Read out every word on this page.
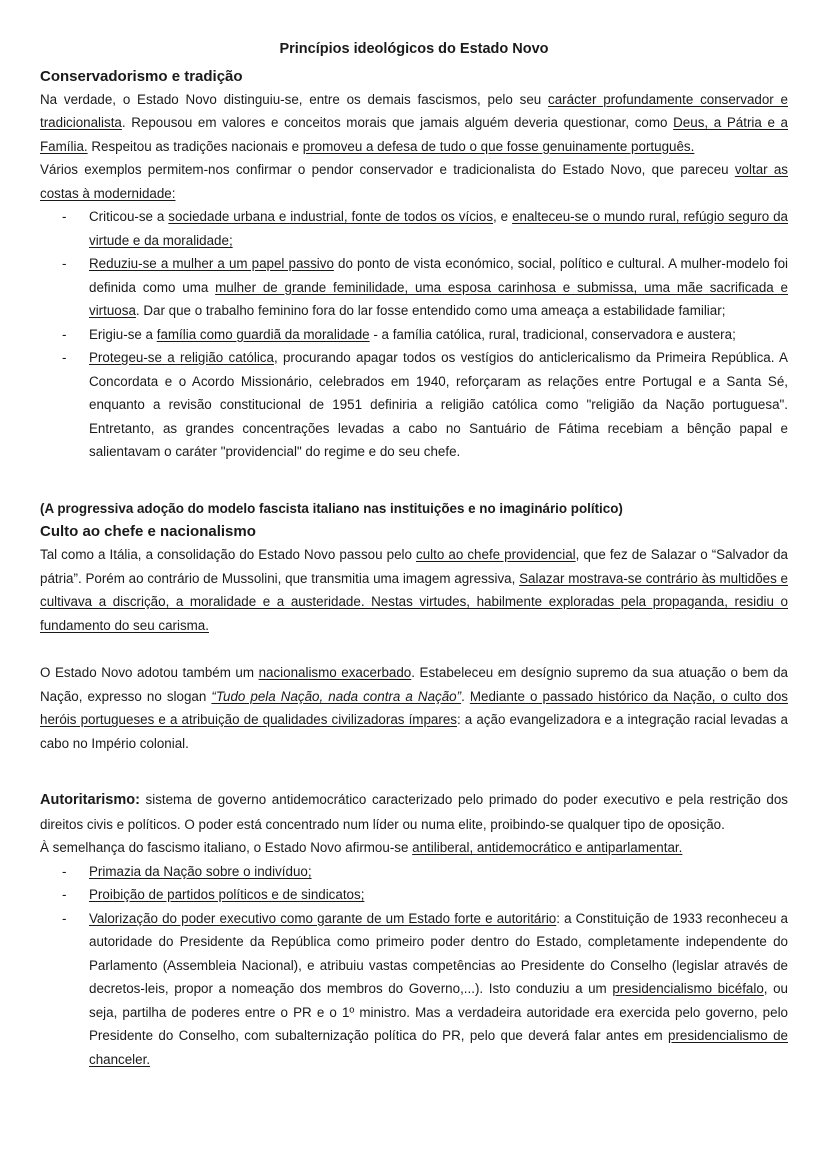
Princípios ideológicos do Estado Novo
Conservadorismo e tradição

Na verdade, o Estado Novo distinguiu-se, entre os demais fascismos, pelo seu carácter profundamente conservador e tradicionalista. Repousou em valores e conceitos morais que jamais alguém deveria questionar, como Deus, a Pátria e a Família. Respeitou as tradições nacionais e promoveu a defesa de tudo o que fosse genuinamente português.

Vários exemplos permitem-nos confirmar o pendor conservador e tradicionalista do Estado Novo, que pareceu voltar as costas à modernidade:

- Criticou-se a sociedade urbana e industrial, fonte de todos os vícios, e enalteceu-se o mundo rural, refúgio seguro da virtude e da moralidade;
- Reduziu-se a mulher a um papel passivo do ponto de vista económico, social, político e cultural. A mulher-modelo foi definida como uma mulher de grande feminilidade, uma esposa carinhosa e submissa, uma mãe sacrificada e virtuosa. Dar que o trabalho feminino fora do lar fosse entendido como uma ameaça a estabilidade familiar;
- Erigiu-se a família como guardiã da moralidade - a família católica, rural, tradicional, conservadora e austera;
- Protegeu-se a religião católica, procurando apagar todos os vestígios do anticlericalismo da Primeira República. A Concordata e o Acordo Missionário, celebrados em 1940, reforçaram as relações entre Portugal e a Santa Sé, enquanto a revisão constitucional de 1951 definiria a religião católica como "religião da Nação portuguesa". Entretanto, as grandes concentrações levadas a cabo no Santuário de Fátima recebiam a bênção papal e salientavam o caráter "providencial" do regime e do seu chefe.

(A progressiva adoção do modelo fascista italiano nas instituições e no imaginário político)

Culto ao chefe e nacionalismo

Tal como a Itália, a consolidação do Estado Novo passou pelo culto ao chefe providencial, que fez de Salazar o “Salvador da pátria”. Porém ao contrário de Mussolini, que transmitia uma imagem agressiva, Salazar mostrava-se contrário às multidões e cultivava a discrição, a moralidade e a austeridade. Nestas virtudes, habilmente exploradas pela propaganda, residiu o fundamento do seu carisma.

O Estado Novo adotou também um nacionalismo exacerbado. Estabeleceu em desígnio supremo da sua atuação o bem da Nação, expresso no slogan “Tudo pela Nação, nada contra a Nação”. Mediante o passado histórico da Nação, o culto dos heróis portugueses e a atribuição de qualidades civilizadoras ímpares: a ação evangelizadora e a integração racial levadas a cabo no Império colonial.

Autoritarismo: sistema de governo antidemocrático caracterizado pelo primado do poder executivo e pela restrição dos direitos civis e políticos. O poder está concentrado num líder ou numa elite, proibindo-se qualquer tipo de oposição.

À semelhança do fascismo italiano, o Estado Novo afirmou-se antiliberal, antidemocrático e antiparlamentar.

- Primazia da Nação sobre o indivíduo;
- Proibição de partidos políticos e de sindicatos;
- Valorização do poder executivo como garante de um Estado forte e autoritário: a Constituição de 1933 reconheceu a autoridade do Presidente da República como primeiro poder dentro do Estado, completamente independente do Parlamento (Assembleia Nacional), e atribuiu vastas competências ao Presidente do Conselho (legislar através de decretos-leis, propor a nomeação dos membros do Governo,...). Isto conduziu a um presidencialismo bicéfalo, ou seja, partilha de poderes entre o PR e o 1º ministro. Mas a verdadeira autoridade era exercida pelo governo, pelo Presidente do Conselho, com subalternização política do PR, pelo que deverá falar antes em presidencialismo de chanceler.
